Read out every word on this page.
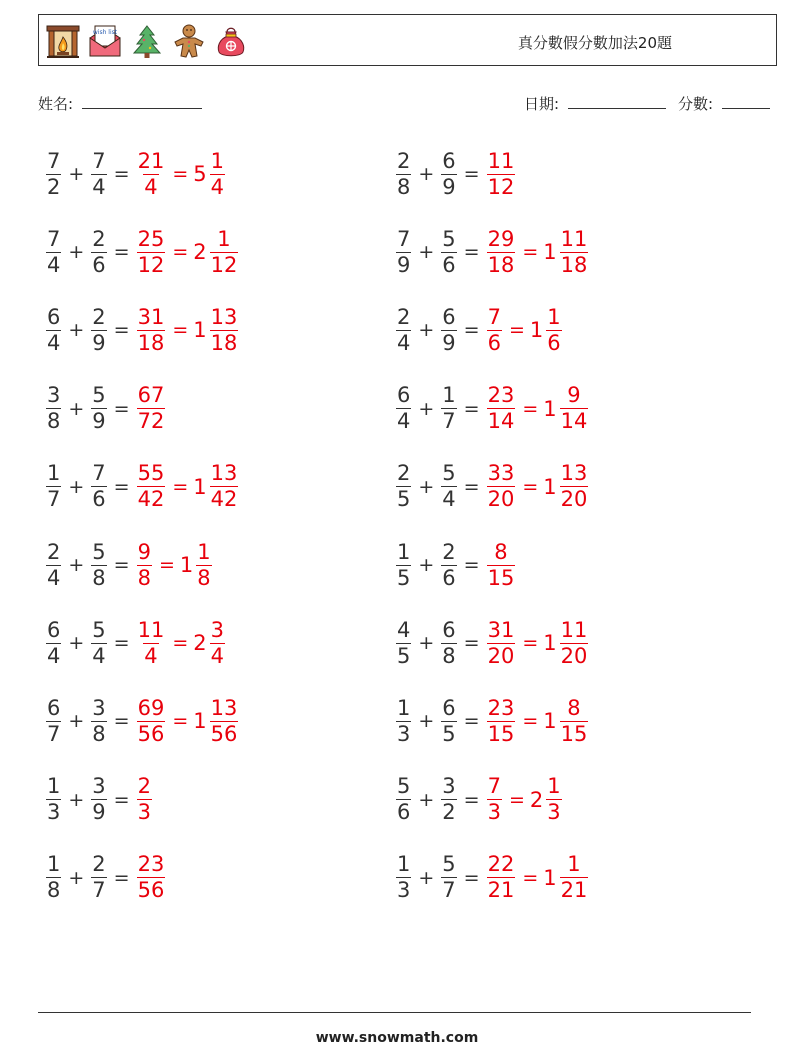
wish list
真分數假分數加法20題
姓名:	日期:	分數:
$\frac{7}{2} + \frac{7}{4} = \frac{21}{4} = 5 \frac{1}{4}$	$\frac{2}{8} + \frac{6}{9} = \frac{11}{12}$
$\frac{7}{4} + \frac{2}{6} = \frac{25}{12} = 2 \frac{1}{12}$	$\frac{7}{9} + \frac{5}{6} = \frac{29}{18} = 1 \frac{11}{18}$
$\frac{6}{4} + \frac{2}{9} = \frac{31}{18} = 1 \frac{13}{18}$	$\frac{2}{4} + \frac{6}{9} = \frac{7}{6} = 1 \frac{1}{6}$
$\frac{3}{8} + \frac{5}{9} = \frac{67}{72}$	$\frac{6}{4} + \frac{1}{7} = \frac{23}{14} = 1 \frac{9}{14}$
$\frac{1}{7} + \frac{7}{6} = \frac{55}{42} = 1 \frac{13}{42}$	$\frac{2}{5} + \frac{5}{4} = \frac{33}{20} = 1 \frac{13}{20}$
$\frac{2}{4} + \frac{5}{8} = \frac{9}{8} = 1 \frac{1}{8}$	$\frac{1}{5} + \frac{2}{6} = \frac{8}{15}$
$\frac{6}{4} + \frac{5}{4} = \frac{11}{4} = 2 \frac{3}{4}$	$\frac{4}{5} + \frac{6}{8} = \frac{31}{20} = 1 \frac{11}{20}$
$\frac{6}{7} + \frac{3}{8} = \frac{69}{56} = 1 \frac{13}{56}$	$\frac{1}{3} + \frac{6}{5} = \frac{23}{15} = 1 \frac{8}{15}$
$\frac{1}{3} + \frac{3}{9} = \frac{2}{3}$	$\frac{5}{6} + \frac{3}{2} = \frac{7}{3} = 2 \frac{1}{3}$
$\frac{1}{8} + \frac{2}{7} = \frac{23}{56}$	$\frac{1}{3} + \frac{5}{7} = \frac{22}{21} = 1 \frac{1}{21}$
www.snowmath.com
